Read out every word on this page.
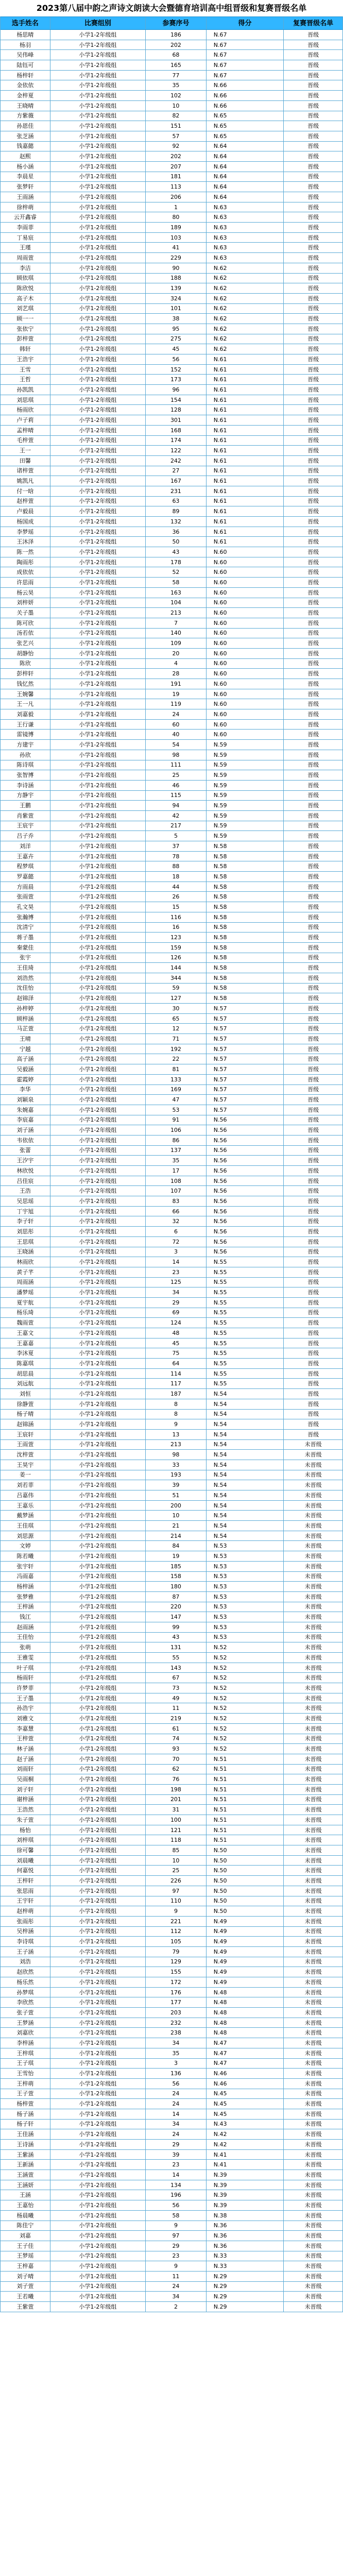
2023第八届中韵之声诗文朗读大会暨德育培训高中组晋级和复赛晋级名单
选手姓名	比赛组别	参赛序号	得分	复赛晋级名单
杨思晴	小学1-2年级组	186	N.67	晋级
杨羽	小学1-2年级组	202	N.67	晋级
吴伟峰	小学1-2年级组	68	N.67	晋级
陆钰可	小学1-2年级组	165	N.67	晋级
杨梓轩	小学1-2年级组	77	N.67	晋级
金依依	小学1-2年级组	35	N.66	晋级
金梓夏	小学1-2年级组	102	N.66	晋级
王晓晴	小学1-2年级组	10	N.66	晋级
方紫薇	小学1-2年级组	82	N.65	晋级
孙恩佳	小学1-2年级组	151	N.65	晋级
张芝涵	小学1-2年级组	57	N.65	晋级
钱嘉懿	小学1-2年级组	92	N.64	晋级
赵熙	小学1-2年级组	202	N.64	晋级
杨小涵	小学1-2年级组	207	N.64	晋级
李晨星	小学1-2年级组	181	N.64	晋级
张梦轩	小学1-2年级组	113	N.64	晋级
王雨涵	小学1-2年级组	206	N.64	晋级
徐梓萌	小学1-2年级组	1	N.63	晋级
云开鑫睿	小学1-2年级组	80	N.63	晋级
李雨菲	小学1-2年级组	189	N.63	晋级
丁易宸	小学1-2年级组	103	N.63	晋级
王瑾	小学1-2年级组	41	N.63	晋级
周雨萱	小学1-2年级组	229	N.63	晋级
李洁	小学1-2年级组	90	N.62	晋级
顾依琪	小学1-2年级组	188	N.62	晋级
陈欣悦	小学1-2年级组	139	N.62	晋级
高子木	小学1-2年级组	324	N.62	晋级
刘艺琪	小学1-2年级组	101	N.62	晋级
顾一一	小学1-2年级组	38	N.62	晋级
张依宁	小学1-2年级组	95	N.62	晋级
彭梓萱	小学1-2年级组	275	N.62	晋级
韩轩	小学1-2年级组	45	N.62	晋级
王浩宇	小学1-2年级组	56	N.61	晋级
王雪	小学1-2年级组	152	N.61	晋级
王哲	小学1-2年级组	173	N.61	晋级
孙凯凯	小学1-2年级组	96	N.61	晋级
刘思琪	小学1-2年级组	154	N.61	晋级
杨雨欣	小学1-2年级组	128	N.61	晋级
卢子莉	小学1-2年级组	301	N.61	晋级
孟梓晴	小学1-2年级组	168	N.61	晋级
毛梓萱	小学1-2年级组	174	N.61	晋级
王一	小学1-2年级组	122	N.61	晋级
田馨	小学1-2年级组	242	N.61	晋级
诸梓萱	小学1-2年级组	27	N.61	晋级
姚凯凡	小学1-2年级组	167	N.61	晋级
付一晗	小学1-2年级组	231	N.61	晋级
赵梓萱	小学1-2年级组	63	N.61	晋级
卢毅晨	小学1-2年级组	89	N.61	晋级
杨国成	小学1-2年级组	132	N.61	晋级
李梦瑶	小学1-2年级组	36	N.61	晋级
王沐泽	小学1-2年级组	50	N.61	晋级
陈一然	小学1-2年级组	43	N.60	晋级
陶雨彤	小学1-2年级组	178	N.60	晋级
成依依	小学1-2年级组	52	N.60	晋级
许思雨	小学1-2年级组	58	N.60	晋级
杨云昊	小学1-2年级组	163	N.60	晋级
刘梓妍	小学1-2年级组	104	N.60	晋级
关子墨	小学1-2年级组	213	N.60	晋级
陈可欣	小学1-2年级组	7	N.60	晋级
汤若依	小学1-2年级组	140	N.60	晋级
张艺兴	小学1-2年级组	109	N.60	晋级
胡静怡	小学1-2年级组	20	N.60	晋级
陈欣	小学1-2年级组	4	N.60	晋级
彭梓轩	小学1-2年级组	28	N.60	晋级
钱忆然	小学1-2年级组	191	N.60	晋级
王婉馨	小学1-2年级组	19	N.60	晋级
王一凡	小学1-2年级组	119	N.60	晋级
刘嘉毅	小学1-2年级组	24	N.60	晋级
王行谦	小学1-2年级组	60	N.60	晋级
雷镜博	小学1-2年级组	40	N.60	晋级
方建宇	小学1-2年级组	54	N.59	晋级
孙欣	小学1-2年级组	98	N.59	晋级
陈诗琪	小学1-2年级组	111	N.59	晋级
张智博	小学1-2年级组	25	N.59	晋级
李诗涵	小学1-2年级组	46	N.59	晋级
方静宇	小学1-2年级组	115	N.59	晋级
王鹏	小学1-2年级组	94	N.59	晋级
肖紫萱	小学1-2年级组	42	N.59	晋级
王宸宇	小学1-2年级组	217	N.59	晋级
吕子乔	小学1-2年级组	5	N.59	晋级
刘洋	小学1-2年级组	37	N.58	晋级
王嘉卉	小学1-2年级组	78	N.58	晋级
程梦琪	小学1-2年级组	88	N.58	晋级
罗嘉懿	小学1-2年级组	18	N.58	晋级
方雨晨	小学1-2年级组	44	N.58	晋级
张雨萱	小学1-2年级组	26	N.58	晋级
孔文昊	小学1-2年级组	15	N.58	晋级
张瀚博	小学1-2年级组	116	N.58	晋级
沈清宁	小学1-2年级组	16	N.58	晋级
蒋子墨	小学1-2年级组	123	N.58	晋级
秦蒙佳	小学1-2年级组	159	N.58	晋级
张宇	小学1-2年级组	126	N.58	晋级
王佳琦	小学1-2年级组	144	N.58	晋级
刘浩然	小学1-2年级组	344	N.58	晋级
沈佳怡	小学1-2年级组	59	N.58	晋级
赵锦泽	小学1-2年级组	127	N.58	晋级
孙梓婷	小学1-2年级组	30	N.57	晋级
顾梓涵	小学1-2年级组	65	N.57	晋级
马芷萱	小学1-2年级组	12	N.57	晋级
王晴	小学1-2年级组	71	N.57	晋级
宁越	小学1-2年级组	192	N.57	晋级
高子涵	小学1-2年级组	22	N.57	晋级
吴毅涵	小学1-2年级组	81	N.57	晋级
霍霞婷	小学1-2年级组	133	N.57	晋级
李华	小学1-2年级组	169	N.57	晋级
刘颖泉	小学1-2年级组	47	N.57	晋级
朱婉嘉	小学1-2年级组	53	N.57	晋级
李宸嘉	小学1-2年级组	91	N.56	晋级
刘子涵	小学1-2年级组	106	N.56	晋级
韦依依	小学1-2年级组	86	N.56	晋级
张蕾	小学1-2年级组	137	N.56	晋级
王汐宇	小学1-2年级组	35	N.56	晋级
林欣悦	小学1-2年级组	17	N.56	晋级
吕佳宸	小学1-2年级组	108	N.56	晋级
王浩	小学1-2年级组	107	N.56	晋级
吴思瑶	小学1-2年级组	83	N.56	晋级
丁宇旭	小学1-2年级组	66	N.56	晋级
李子轩	小学1-2年级组	32	N.56	晋级
刘思彤	小学1-2年级组	6	N.56	晋级
王思琪	小学1-2年级组	72	N.56	晋级
王晓涵	小学1-2年级组	3	N.56	晋级
林雨欣	小学1-2年级组	14	N.55	晋级
黄子芊	小学1-2年级组	23	N.55	晋级
周雨涵	小学1-2年级组	125	N.55	晋级
潘梦瑶	小学1-2年级组	34	N.55	晋级
夏宇航	小学1-2年级组	29	N.55	晋级
杨乐琦	小学1-2年级组	69	N.55	晋级
魏雨萱	小学1-2年级组	124	N.55	晋级
王嘉文	小学1-2年级组	48	N.55	晋级
王嘉嘉	小学1-2年级组	45	N.55	晋级
李沐夏	小学1-2年级组	75	N.55	晋级
陈嘉琪	小学1-2年级组	64	N.55	晋级
胡思晨	小学1-2年级组	114	N.55	晋级
刘远航	小学1-2年级组	117	N.55	晋级
刘恒	小学1-2年级组	187	N.54	晋级
徐静萱	小学1-2年级组	8	N.54	晋级
杨子晴	小学1-2年级组	8	N.54	晋级
赵锦涵	小学1-2年级组	9	N.54	晋级
王宸轩	小学1-2年级组	13	N.54	晋级
王雨萱	小学1-2年级组	213	N.54	未晋级
沈梓萱	小学1-2年级组	98	N.54	未晋级
王昊宇	小学1-2年级组	33	N.54	未晋级
姜一	小学1-2年级组	193	N.54	未晋级
刘若菲	小学1-2年级组	39	N.54	未晋级
吕嘉伟	小学1-2年级组	51	N.54	未晋级
王嘉乐	小学1-2年级组	200	N.54	未晋级
戴梦涵	小学1-2年级组	10	N.54	未晋级
王佳琪	小学1-2年级组	21	N.54	未晋级
刘思源	小学1-2年级组	214	N.54	未晋级
文婷	小学1-2年级组	84	N.53	未晋级
陈若曦	小学1-2年级组	19	N.53	未晋级
张宇轩	小学1-2年级组	185	N.53	未晋级
冯雨嘉	小学1-2年级组	158	N.53	未晋级
杨梓涵	小学1-2年级组	180	N.53	未晋级
张梦雅	小学1-2年级组	87	N.53	未晋级
王梓涵	小学1-2年级组	220	N.53	未晋级
钱江	小学1-2年级组	147	N.53	未晋级
赵雨涵	小学1-2年级组	99	N.53	未晋级
王佳怡	小学1-2年级组	43	N.53	未晋级
张萌	小学1-2年级组	131	N.52	未晋级
王雅雯	小学1-2年级组	55	N.52	未晋级
叶子琪	小学1-2年级组	143	N.52	未晋级
杨雨轩	小学1-2年级组	67	N.52	未晋级
许梦菲	小学1-2年级组	73	N.52	未晋级
王子墨	小学1-2年级组	49	N.52	未晋级
孙浩宇	小学1-2年级组	11	N.52	未晋级
刘雅文	小学1-2年级组	219	N.52	未晋级
李嘉慧	小学1-2年级组	61	N.52	未晋级
王梓萱	小学1-2年级组	74	N.52	未晋级
林子涵	小学1-2年级组	93	N.52	未晋级
赵子涵	小学1-2年级组	70	N.51	未晋级
刘雨轩	小学1-2年级组	62	N.51	未晋级
吴雨桐	小学1-2年级组	76	N.51	未晋级
刘子轩	小学1-2年级组	198	N.51	未晋级
谢梓涵	小学1-2年级组	201	N.51	未晋级
王浩然	小学1-2年级组	31	N.51	未晋级
朱子萱	小学1-2年级组	100	N.51	未晋级
杨怡	小学1-2年级组	121	N.51	未晋级
刘梓琪	小学1-2年级组	118	N.51	未晋级
徐可馨	小学1-2年级组	85	N.50	未晋级
刘晨曦	小学1-2年级组	10	N.50	未晋级
何嘉悦	小学1-2年级组	25	N.50	未晋级
王梓轩	小学1-2年级组	226	N.50	未晋级
张思雨	小学1-2年级组	97	N.50	未晋级
王宇轩	小学1-2年级组	110	N.50	未晋级
赵梓萌	小学1-2年级组	9	N.50	未晋级
张雨彤	小学1-2年级组	221	N.49	未晋级
吴梓涵	小学1-2年级组	112	N.49	未晋级
李诗琪	小学1-2年级组	105	N.49	未晋级
王子涵	小学1-2年级组	79	N.49	未晋级
刘浩	小学1-2年级组	129	N.49	未晋级
赵欣然	小学1-2年级组	155	N.49	未晋级
杨乐然	小学1-2年级组	172	N.49	未晋级
孙梦琪	小学1-2年级组	176	N.48	未晋级
李欣然	小学1-2年级组	177	N.48	未晋级
张子萱	小学1-2年级组	203	N.48	未晋级
王梦涵	小学1-2年级组	232	N.48	未晋级
刘嘉欣	小学1-2年级组	238	N.48	未晋级
李梓涵	小学1-2年级组	34	N.47	未晋级
王梓琪	小学1-2年级组	35	N.47	未晋级
王子琪	小学1-2年级组	3	N.47	未晋级
王雪怡	小学1-2年级组	136	N.46	未晋级
王梓萌	小学1-2年级组	56	N.46	未晋级
王子萱	小学1-2年级组	24	N.45	未晋级
杨梓萱	小学1-2年级组	24	N.45	未晋级
杨子涵	小学1-2年级组	14	N.45	未晋级
杨子轩	小学1-2年级组	34	N.43	未晋级
王佳涵	小学1-2年级组	24	N.42	未晋级
王诗涵	小学1-2年级组	29	N.42	未晋级
王紫涵	小学1-2年级组	39	N.41	未晋级
王新涵	小学1-2年级组	23	N.41	未晋级
王涵萱	小学1-2年级组	14	N.39	未晋级
王涵妍	小学1-2年级组	134	N.39	未晋级
王涵	小学1-2年级组	196	N.39	未晋级
王嘉怡	小学1-2年级组	56	N.39	未晋级
杨晨曦	小学1-2年级组	58	N.38	未晋级
陈佳宁	小学1-2年级组	9	N.36	未晋级
刘嘉	小学1-2年级组	97	N.36	未晋级
王子佳	小学1-2年级组	29	N.36	未晋级
王梦瑶	小学1-2年级组	23	N.33	未晋级
王梓嘉	小学1-2年级组	9	N.33	未晋级
刘子晴	小学1-2年级组	11	N.29	未晋级
刘子萱	小学1-2年级组	24	N.29	未晋级
王若曦	小学1-2年级组	34	N.29	未晋级
王紫萱	小学1-2年级组	2	N.29	未晋级
